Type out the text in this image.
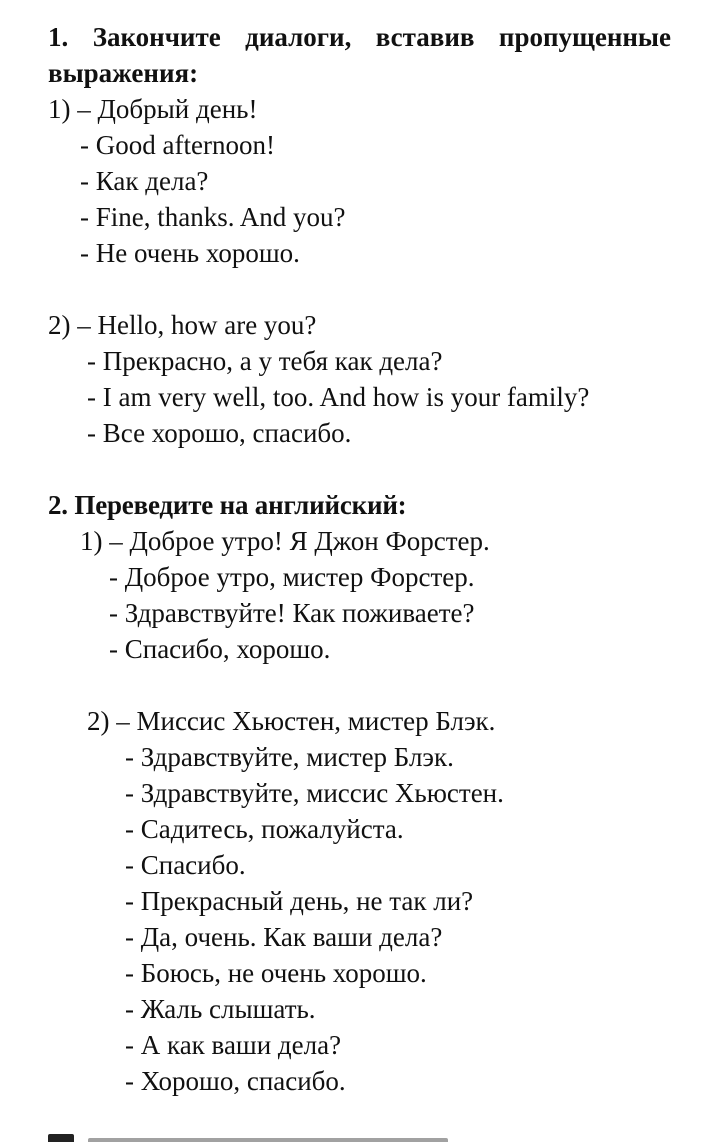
1. Закончите диалоги, вставив пропущенные выражения:
1) – Добрый день!
- Good afternoon!
- Как дела?
- Fine, thanks. And you?
- Не очень хорошо.
2) – Hello, how are you?
- Прекрасно, а у тебя как дела?
- I am very well, too. And how is your family?
- Все хорошо, спасибо.
2. Переведите на английский:
1) – Доброе утро! Я Джон Форстер.
- Доброе утро, мистер Форстер.
- Здравствуйте! Как поживаете?
- Спасибо, хорошо.
2) – Миссис Хьюстен, мистер Блэк.
- Здравствуйте, мистер Блэк.
- Здравствуйте, миссис Хьюстен.
- Садитесь, пожалуйста.
- Спасибо.
- Прекрасный день, не так ли?
- Да, очень. Как ваши дела?
- Боюсь, не очень хорошо.
- Жаль слышать.
- А как ваши дела?
- Хорошо, спасибо.
